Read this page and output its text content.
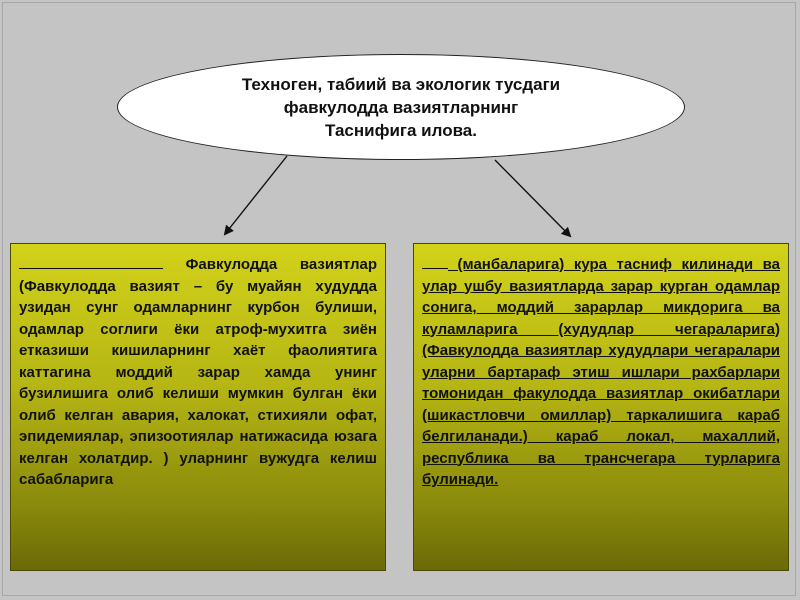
Техноген, табиий ва экологик тусдаги
фавкулодда вазиятларнинг
Таснифига илова.

Фавкулодда вазиятлар (Фавкулодда вазият – бу муайян худудда узидан сунг одамларнинг курбон булиши, одамлар соглиги ёки атроф-мухитга зиён етказиши кишиларнинг хаёт фаолиятига каттагина моддий зарар хамда унинг бузилишига олиб келиши мумкин булган ёки олиб келган авария, халокат, стихияли офат, эпидемиялар, эпизоотиялар натижасида юзага келган холатдир. ) уларнинг вужудга келиш сабабларига

(манбаларига) кура тасниф килинади ва улар ушбу вазиятларда зарар курган одамлар сонига, моддий зарарлар микдорига ва куламларига (худудлар чегараларига)(Фавкулодда вазиятлар худудлари чегаралари уларни бартараф этиш ишлари рахбарлари томонидан факулодда вазиятлар окибатлари (шикастловчи омиллар) таркалишига караб белгиланади.) караб локал, махаллий, республика ва трансчегара турларига булинади.
